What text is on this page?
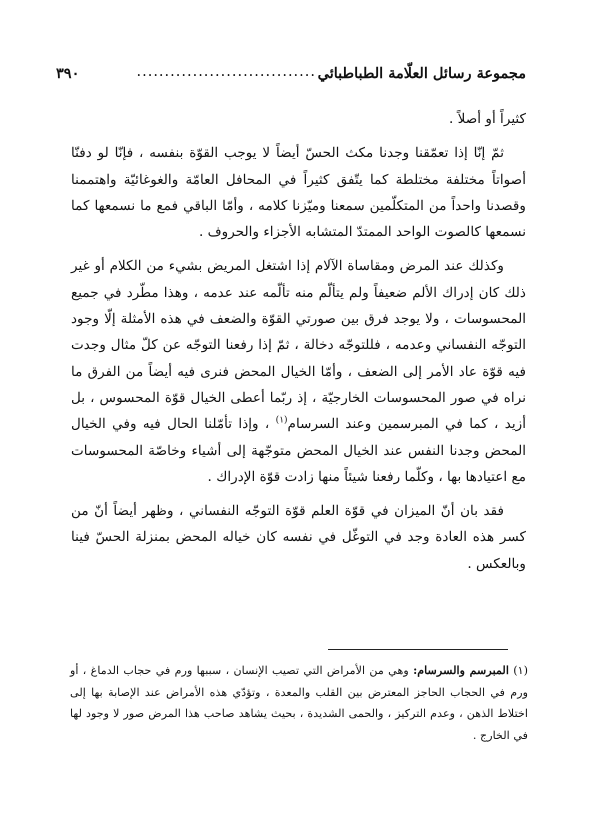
مجموعة رسائل العلّامة الطباطبائي
................................
٣٩٠

كثيراً أو أصلاً .

ثمّ إنّا إذا تعمّقنا وجدنا مكث الحسّ أيضاً لا يوجب القوّة بنفسه ، فإنّا لو دفنّا أصواتاً مختلفة مختلطة كما يتّفق كثيراً في المحافل العامّة والغوغائيّة واهتممنا وقصدنا واحداً من المتكلّمين سمعنا وميّزنا كلامه ، وأمّا الباقي فمع ما نسمعها كما نسمعها كالصوت الواحد الممتدّ المتشابه الأجزاء والحروف .

وكذلك عند المرض ومقاساة الآلام إذا اشتغل المريض بشيء من الكلام أو غير ذلك كان إدراك الألم ضعيفاً ولم يتألّم منه تألّمه عند عدمه ، وهذا مطّرد في جميع المحسوسات ، ولا يوجد فرق بين صورتي القوّة والضعف في هذه الأمثلة إلّا وجود التوجّه النفساني وعدمه ، فللتوجّه دخالة ، ثمّ إذا رفعنا التوجّه عن كلّ مثال وجدت فيه قوّة عاد الأمر إلى الضعف ، وأمّا الخيال المحض فنرى فيه أيضاً من الفرق ما نراه في صور المحسوسات الخارجيّة ، إذ ربّما أعطى الخيال قوّة المحسوس ، بل أزيد ، كما في المبرسمين وعند السرسام$^{(١)}$ ، وإذا تأمّلنا الحال فيه وفي الخيال المحض وجدنا النفس عند الخيال المحض متوجّهة إلى أشياء وخاصّة المحسوسات مع اعتيادها بها ، وكلّما رفعنا شيئاً منها زادت قوّة الإدراك .

فقد بان أنّ الميزان في قوّة العلم قوّة التوجّه النفساني ، وظهر أيضاً أنّ من كسر هذه العادة وجد في التوغّل في نفسه كان خياله المحض بمنزلة الحسّ فينا وبالعكس .

(١) المبرسم والسرسام: وهي من الأمراض التي تصيب الإنسان ، سببها ورم في حجاب الدماغ ، أو ورم في الحجاب الحاجز المعترض بين القلب والمعدة ، وتؤدّي هذه الأمراض عند الإصابة بها إلى اختلاط الذهن ، وعدم التركيز ، والحمى الشديدة ، بحيث يشاهد صاحب هذا المرض صور لا وجود لها في الخارج .
